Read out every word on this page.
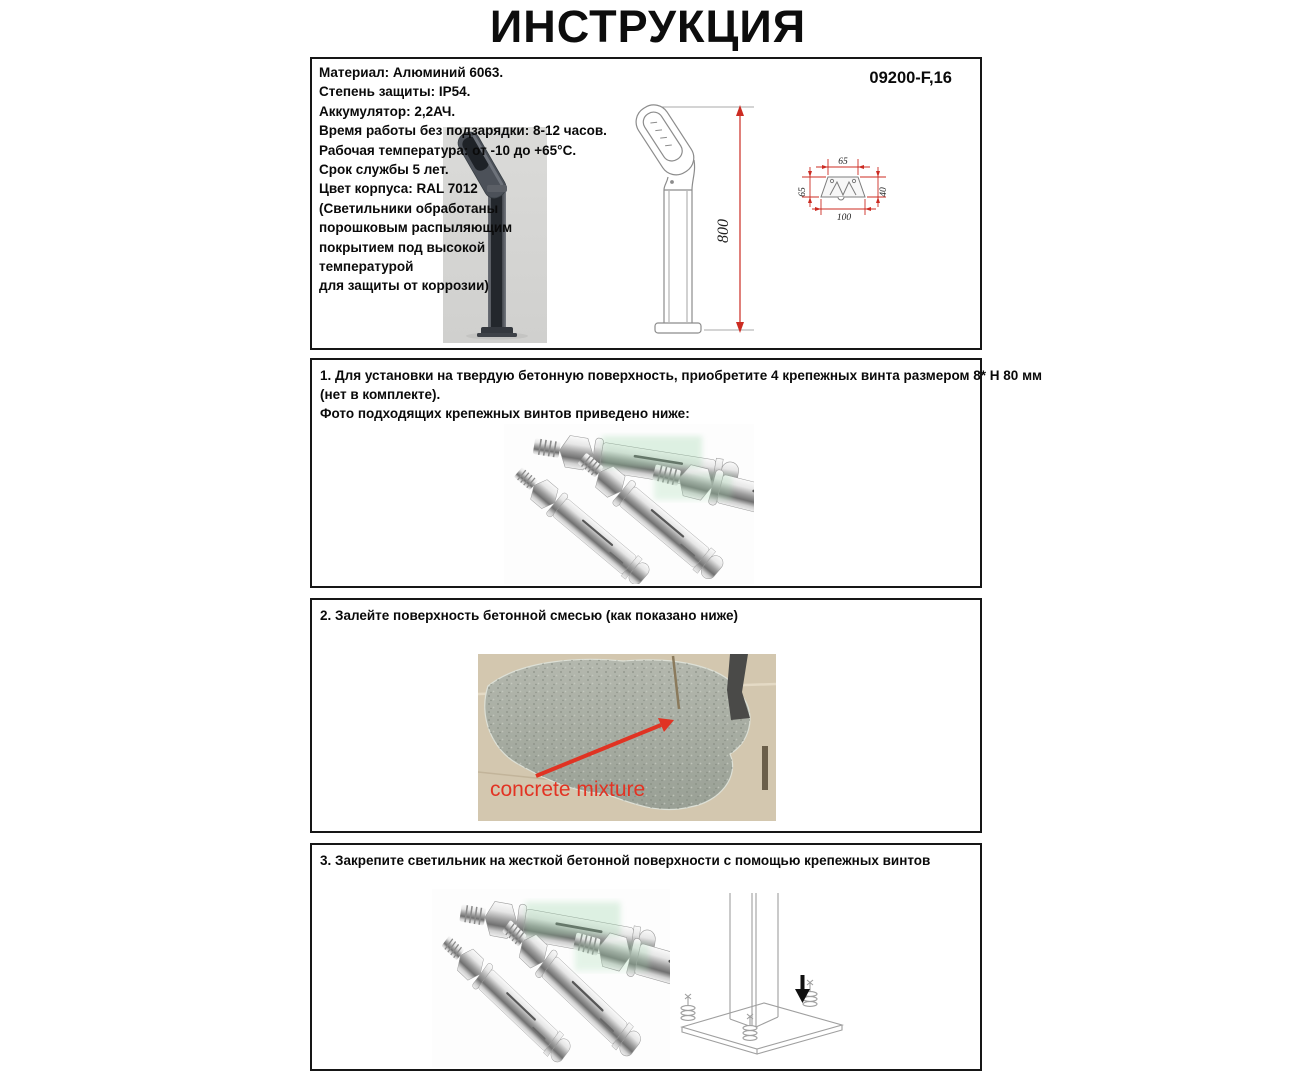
ИНСТРУКЦИЯ
Материал: Алюминий 6063.
Степень защиты: IP54.
Аккумулятор: 2,2АЧ.
Время работы без подзарядки: 8-12 часов.
Рабочая температура: от -10 до +65°С.
Срок службы 5 лет.
Цвет корпуса: RAL 7012
(Светильники обработаны
порошковым распыляющим
покрытием под высокой
температурой
для защиты от коррозии)
09200-F,16
800
65
65	40
100
1. Для установки на твердую бетонную поверхность, приобретите 4 крепежных винта размером 8* Н 80 мм
(нет в комплекте).
Фото подходящих крепежных винтов приведено ниже:
2. Залейте поверхность бетонной смесью (как показано ниже)
concrete mixture
3. Закрепите светильник на жесткой бетонной поверхности с помощью крепежных винтов
